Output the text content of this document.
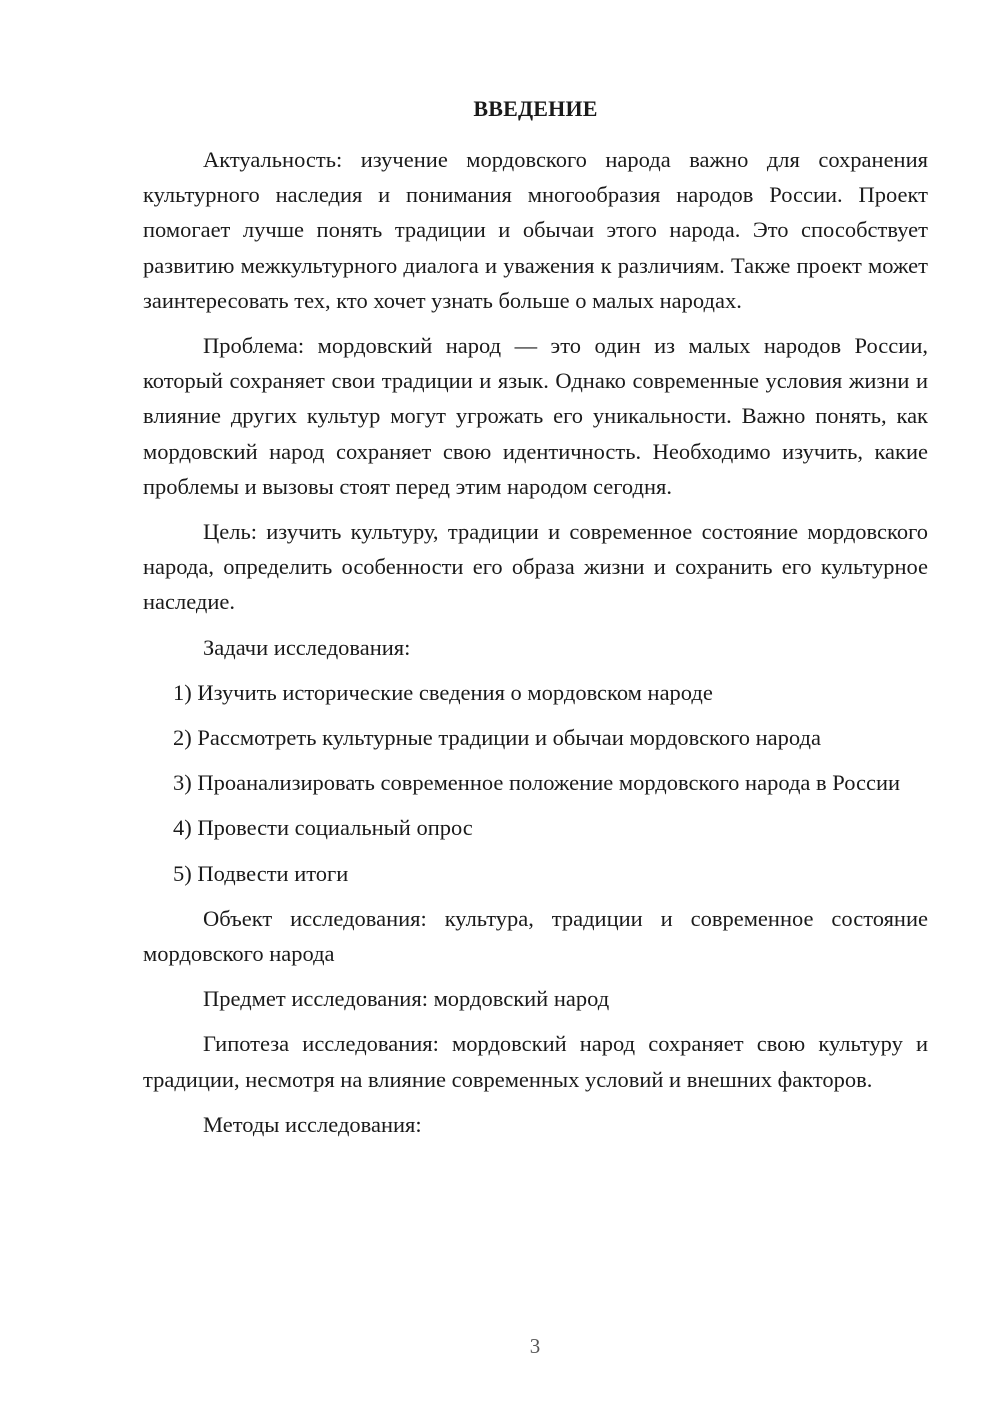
ВВЕДЕНИЕ

Актуальность: изучение мордовского народа важно для сохранения культурного наследия и понимания многообразия народов России. Проект помогает лучше понять традиции и обычаи этого народа. Это способствует развитию межкультурного диалога и уважения к различиям. Также проект может заинтересовать тех, кто хочет узнать больше о малых народах.

Проблема: мордовский народ — это один из малых народов России, который сохраняет свои традиции и язык. Однако современные условия жизни и влияние других культур могут угрожать его уникальности. Важно понять, как мордовский народ сохраняет свою идентичность. Необходимо изучить, какие проблемы и вызовы стоят перед этим народом сегодня.

Цель: изучить культуру, традиции и современное состояние мордовского народа, определить особенности его образа жизни и сохранить его культурное наследие.

Задачи исследования:

1) Изучить исторические сведения о мордовском народе

2) Рассмотреть культурные традиции и обычаи мордовского народа

3) Проанализировать современное положение мордовского народа в России

4) Провести социальный опрос

5) Подвести итоги

Объект исследования: культура, традиции и современное состояние мордовского народа

Предмет исследования: мордовский народ

Гипотеза исследования: мордовский народ сохраняет свою культуру и традиции, несмотря на влияние современных условий и внешних факторов.

Методы исследования:

3
